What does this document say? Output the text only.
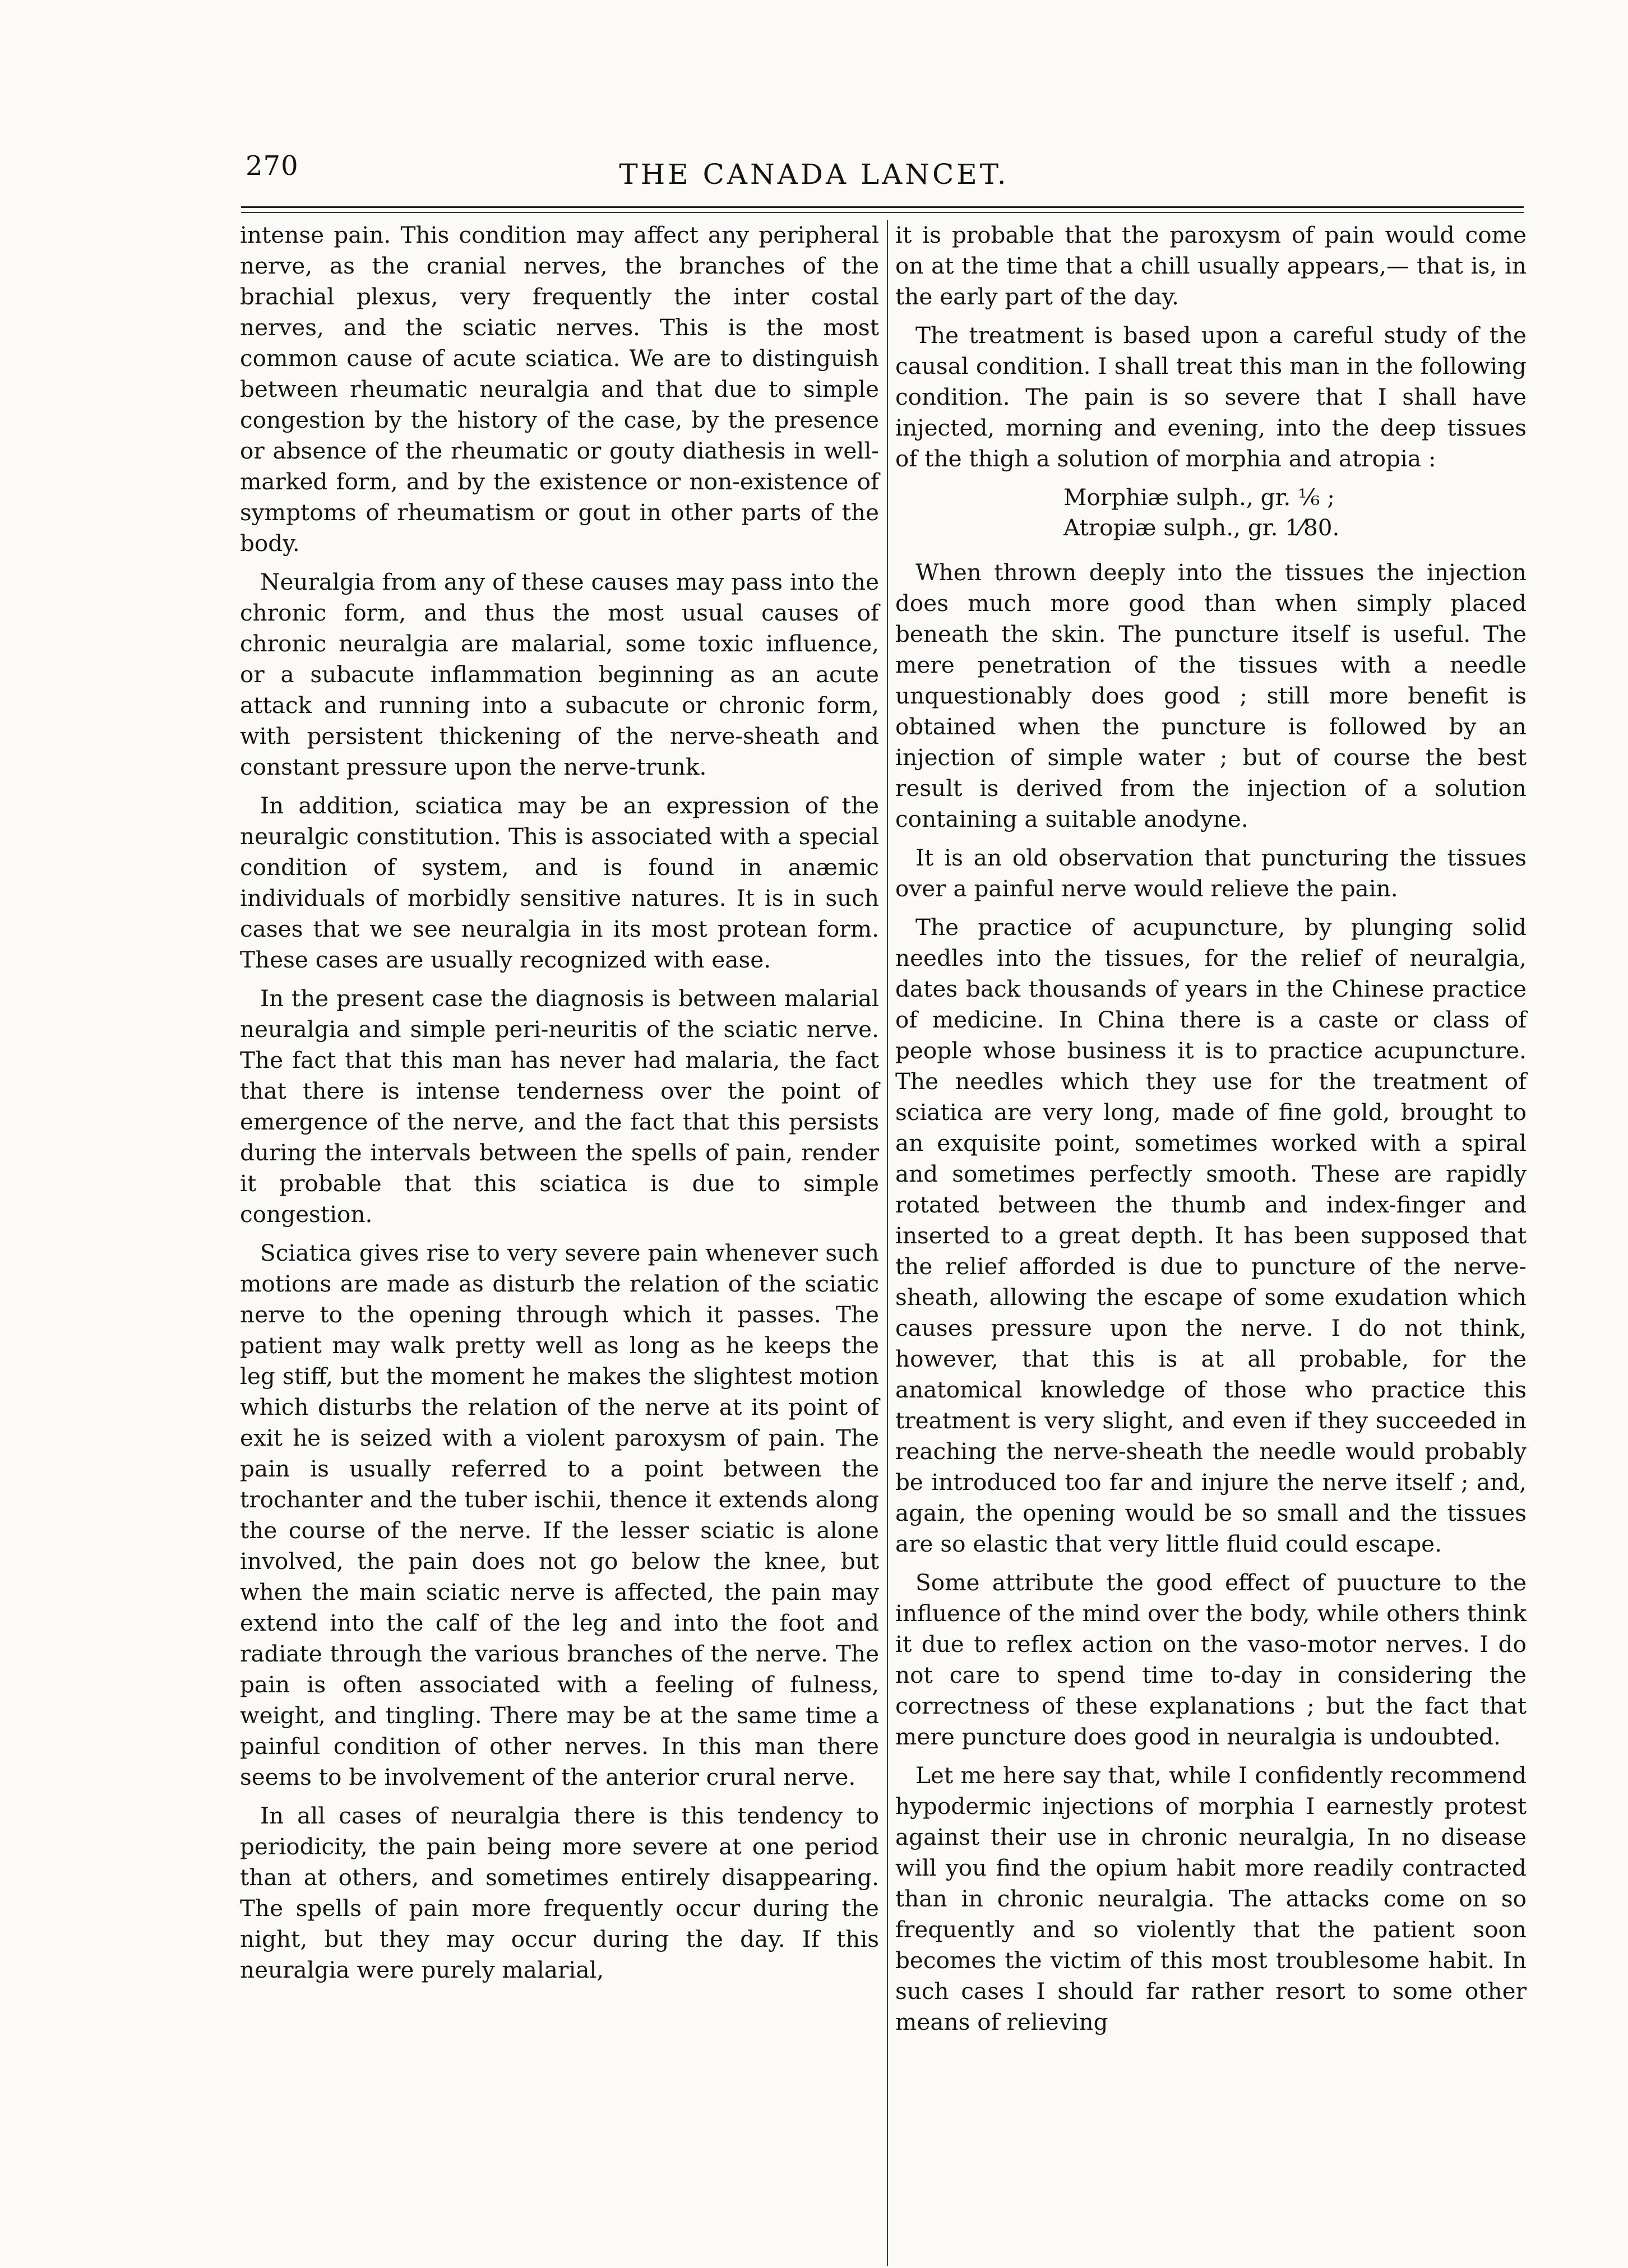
270	THE CANADA LANCET.

intense pain. This condition may affect any peripheral nerve, as the cranial nerves, the branches of the brachial plexus, very frequently the inter costal nerves, and the sciatic nerves. This is the most common cause of acute sciatica. We are to distinguish between rheumatic neuralgia and that due to simple congestion by the history of the case, by the presence or absence of the rheumatic or gouty diathesis in well-marked form, and by the existence or non-existence of symptoms of rheumatism or gout in other parts of the body.

Neuralgia from any of these causes may pass into the chronic form, and thus the most usual causes of chronic neuralgia are malarial, some toxic influence, or a subacute inflammation beginning as an acute attack and running into a subacute or chronic form, with persistent thickening of the nerve-sheath and constant pressure upon the nerve-trunk.

In addition, sciatica may be an expression of the neuralgic constitution. This is associated with a special condition of system, and is found in anæmic individuals of morbidly sensitive natures. It is in such cases that we see neuralgia in its most protean form. These cases are usually recognized with ease.

In the present case the diagnosis is between malarial neuralgia and simple peri-neuritis of the sciatic nerve. The fact that this man has never had malaria, the fact that there is intense tenderness over the point of emergence of the nerve, and the fact that this persists during the intervals between the spells of pain, render it probable that this sciatica is due to simple congestion.

Sciatica gives rise to very severe pain whenever such motions are made as disturb the relation of the sciatic nerve to the opening through which it passes. The patient may walk pretty well as long as he keeps the leg stiff, but the moment he makes the slightest motion which disturbs the relation of the nerve at its point of exit he is seized with a violent paroxysm of pain. The pain is usually referred to a point between the trochanter and the tuber ischii, thence it extends along the course of the nerve. If the lesser sciatic is alone involved, the pain does not go below the knee, but when the main sciatic nerve is affected, the pain may extend into the calf of the leg and into the foot and radiate through the various branches of the nerve. The pain is often associated with a feeling of fulness, weight, and tingling. There may be at the same time a painful condition of other nerves. In this man there seems to be involvement of the anterior crural nerve.

In all cases of neuralgia there is this tendency to periodicity, the pain being more severe at one period than at others, and sometimes entirely disappearing. The spells of pain more frequently occur during the night, but they may occur during the day. If this neuralgia were purely malarial,

it is probable that the paroxysm of pain would come on at the time that a chill usually appears,— that is, in the early part of the day.

The treatment is based upon a careful study of the causal condition. I shall treat this man in the following condition. The pain is so severe that I shall have injected, morning and evening, into the deep tissues of the thigh a solution of morphia and atropia :

Morphiæ sulph., gr. ⅙ ;
Atropiæ sulph., gr. 1⁄80.

When thrown deeply into the tissues the injection does much more good than when simply placed beneath the skin. The puncture itself is useful. The mere penetration of the tissues with a needle unquestionably does good ; still more benefit is obtained when the puncture is followed by an injection of simple water ; but of course the best result is derived from the injection of a solution containing a suitable anodyne.

It is an old observation that puncturing the tissues over a painful nerve would relieve the pain.

The practice of acupuncture, by plunging solid needles into the tissues, for the relief of neuralgia, dates back thousands of years in the Chinese practice of medicine. In China there is a caste or class of people whose business it is to practice acupuncture. The needles which they use for the treatment of sciatica are very long, made of fine gold, brought to an exquisite point, sometimes worked with a spiral and sometimes perfectly smooth. These are rapidly rotated between the thumb and index-finger and inserted to a great depth. It has been supposed that the relief afforded is due to puncture of the nerve-sheath, allowing the escape of some exudation which causes pressure upon the nerve. I do not think, however, that this is at all probable, for the anatomical knowledge of those who practice this treatment is very slight, and even if they succeeded in reaching the nerve-sheath the needle would probably be introduced too far and injure the nerve itself ; and, again, the opening would be so small and the tissues are so elastic that very little fluid could escape.

Some attribute the good effect of puucture to the influence of the mind over the body, while others think it due to reflex action on the vaso-motor nerves. I do not care to spend time to-day in considering the correctness of these explanations ; but the fact that mere puncture does good in neuralgia is undoubted.

Let me here say that, while I confidently recommend hypodermic injections of morphia I earnestly protest against their use in chronic neuralgia, In no disease will you find the opium habit more readily contracted than in chronic neuralgia. The attacks come on so frequently and so violently that the patient soon becomes the victim of this most troublesome habit. In such cases I should far rather resort to some other means of relieving
